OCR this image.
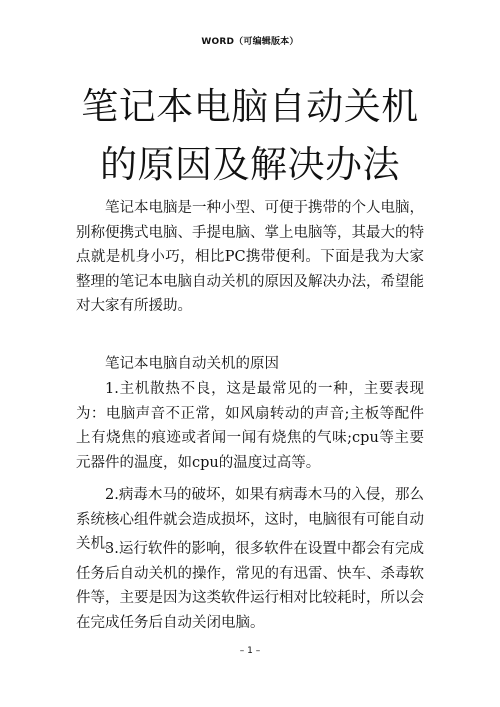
WORD（可编辑版本）
笔记本电脑自动关机
的原因及解决办法

笔记本电脑是一种小型、可便于携带的个人电脑，别称便携式电脑、手提电脑、掌上电脑等，其最大的特点就是机身小巧，相比PC携带便利。下面是我为大家整理的笔记本电脑自动关机的原因及解决办法，希望能对大家有所援助。

笔记本电脑自动关机的原因

1.主机散热不良，这是最常见的一种，主要表现为：电脑声音不正常，如风扇转动的声音;主板等配件上有烧焦的痕迹或者闻一闻有烧焦的气味;cpu等主要元器件的温度，如cpu的温度过高等。

2.病毒木马的破坏，如果有病毒木马的入侵，那么系统核心组件就会造成损坏，这时，电脑很有可能自动关机。

3.运行软件的影响，很多软件在设置中都会有完成任务后自动关机的操作，常见的有迅雷、快车、杀毒软件等，主要是因为这类软件运行相对比较耗时，所以会在完成任务后自动关闭电脑。

– 1 –
